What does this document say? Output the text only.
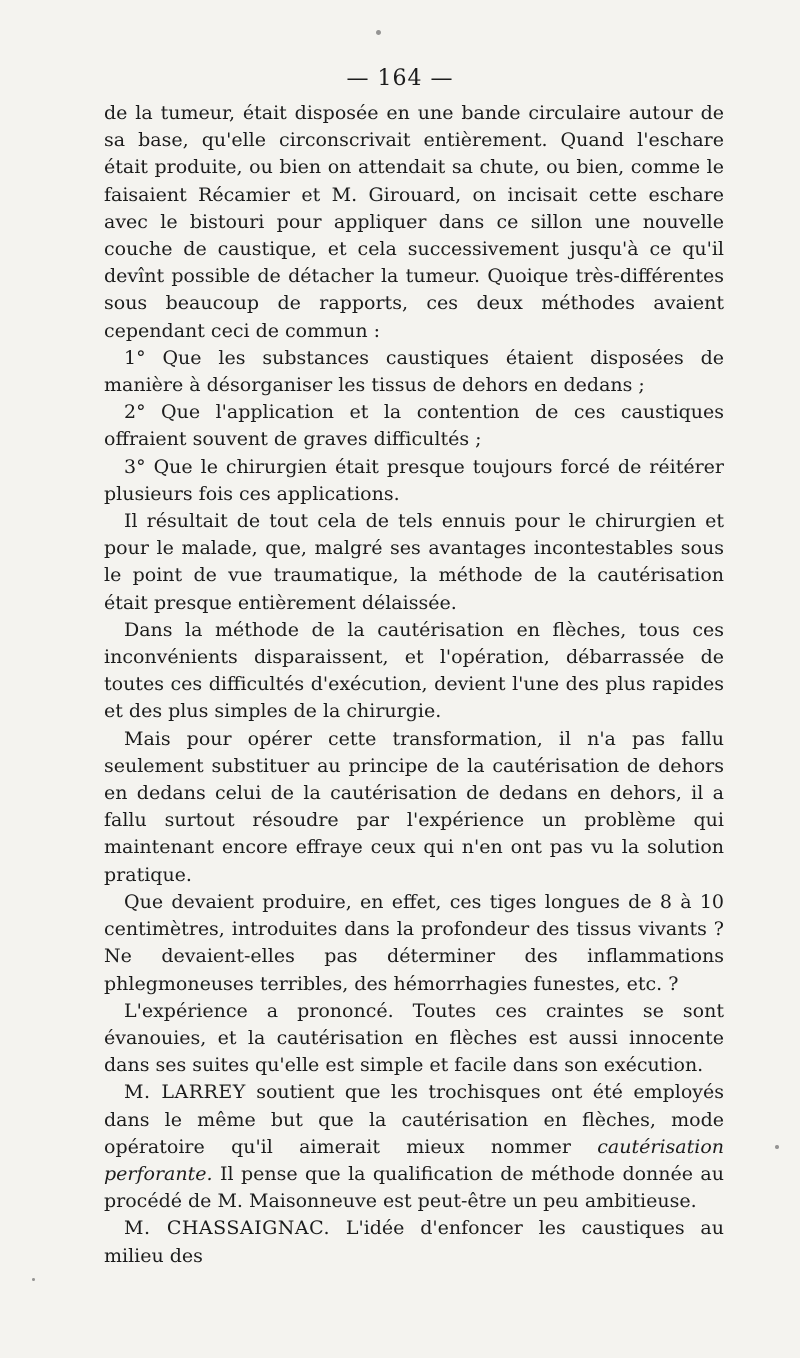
— 164 —

de la tumeur, était disposée en une bande circulaire autour de sa base, qu'elle circonscrivait entièrement. Quand l'eschare était produite, ou bien on attendait sa chute, ou bien, comme le faisaient Récamier et M. Girouard, on incisait cette eschare avec le bistouri pour appliquer dans ce sillon une nouvelle couche de caustique, et cela successivement jusqu'à ce qu'il devînt possible de détacher la tumeur. Quoique très-différentes sous beaucoup de rapports, ces deux méthodes avaient cependant ceci de commun :

1° Que les substances caustiques étaient disposées de manière à désorganiser les tissus de dehors en dedans ;

2° Que l'application et la contention de ces caustiques offraient souvent de graves difficultés ;

3° Que le chirurgien était presque toujours forcé de réitérer plusieurs fois ces applications.

Il résultait de tout cela de tels ennuis pour le chirurgien et pour le malade, que, malgré ses avantages incontestables sous le point de vue traumatique, la méthode de la cautérisation était presque entièrement délaissée.

Dans la méthode de la cautérisation en flèches, tous ces inconvénients disparaissent, et l'opération, débarrassée de toutes ces difficultés d'exécution, devient l'une des plus rapides et des plus simples de la chirurgie.

Mais pour opérer cette transformation, il n'a pas fallu seulement substituer au principe de la cautérisation de dehors en dedans celui de la cautérisation de dedans en dehors, il a fallu surtout résoudre par l'expérience un problème qui maintenant encore effraye ceux qui n'en ont pas vu la solution pratique.

Que devaient produire, en effet, ces tiges longues de 8 à 10 centimètres, introduites dans la profondeur des tissus vivants ? Ne devaient-elles pas déterminer des inflammations phlegmoneuses terribles, des hémorrhagies funestes, etc. ?

L'expérience a prononcé. Toutes ces craintes se sont évanouies, et la cautérisation en flèches est aussi innocente dans ses suites qu'elle est simple et facile dans son exécution.

M. LARREY soutient que les trochisques ont été employés dans le même but que la cautérisation en flèches, mode opératoire qu'il aimerait mieux nommer cautérisation perforante. Il pense que la qualification de méthode donnée au procédé de M. Maisonneuve est peut-être un peu ambitieuse.

M. CHASSAIGNAC. L'idée d'enfoncer les caustiques au milieu des
